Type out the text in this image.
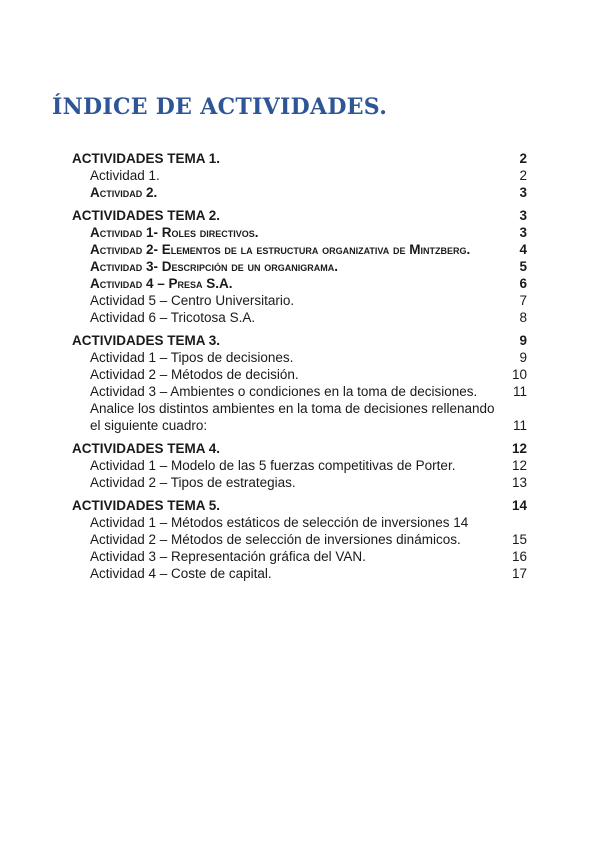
ÍNDICE DE ACTIVIDADES.
ACTIVIDADES TEMA 1.	2
Actividad 1.	2
Actividad 2.	3
ACTIVIDADES TEMA 2.	3
Actividad 1- Roles directivos.	3
Actividad 2- Elementos de la estructura organizativa de Mintzberg.	4
Actividad 3- Descripción de un organigrama.	5
Actividad 4 – Presa S.A.	6
Actividad 5 – Centro Universitario.	7
Actividad 6 – Tricotosa S.A.	8
ACTIVIDADES TEMA 3.	9
Actividad 1 – Tipos de decisiones.	9
Actividad 2 – Métodos de decisión.	10
Actividad 3 – Ambientes o condiciones en la toma de decisiones.	11
Analice los distintos ambientes en la toma de decisiones rellenando el siguiente cuadro:	11
ACTIVIDADES TEMA 4.	12
Actividad 1 – Modelo de las 5 fuerzas competitivas de Porter.	12
Actividad 2 – Tipos de estrategias.	13
ACTIVIDADES TEMA 5.	14
Actividad 1 – Métodos estáticos de selección de inversiones 14
Actividad 2 – Métodos de selección de inversiones dinámicos.	15
Actividad 3 – Representación gráfica del VAN.	16
Actividad 4 – Coste de capital.	17
